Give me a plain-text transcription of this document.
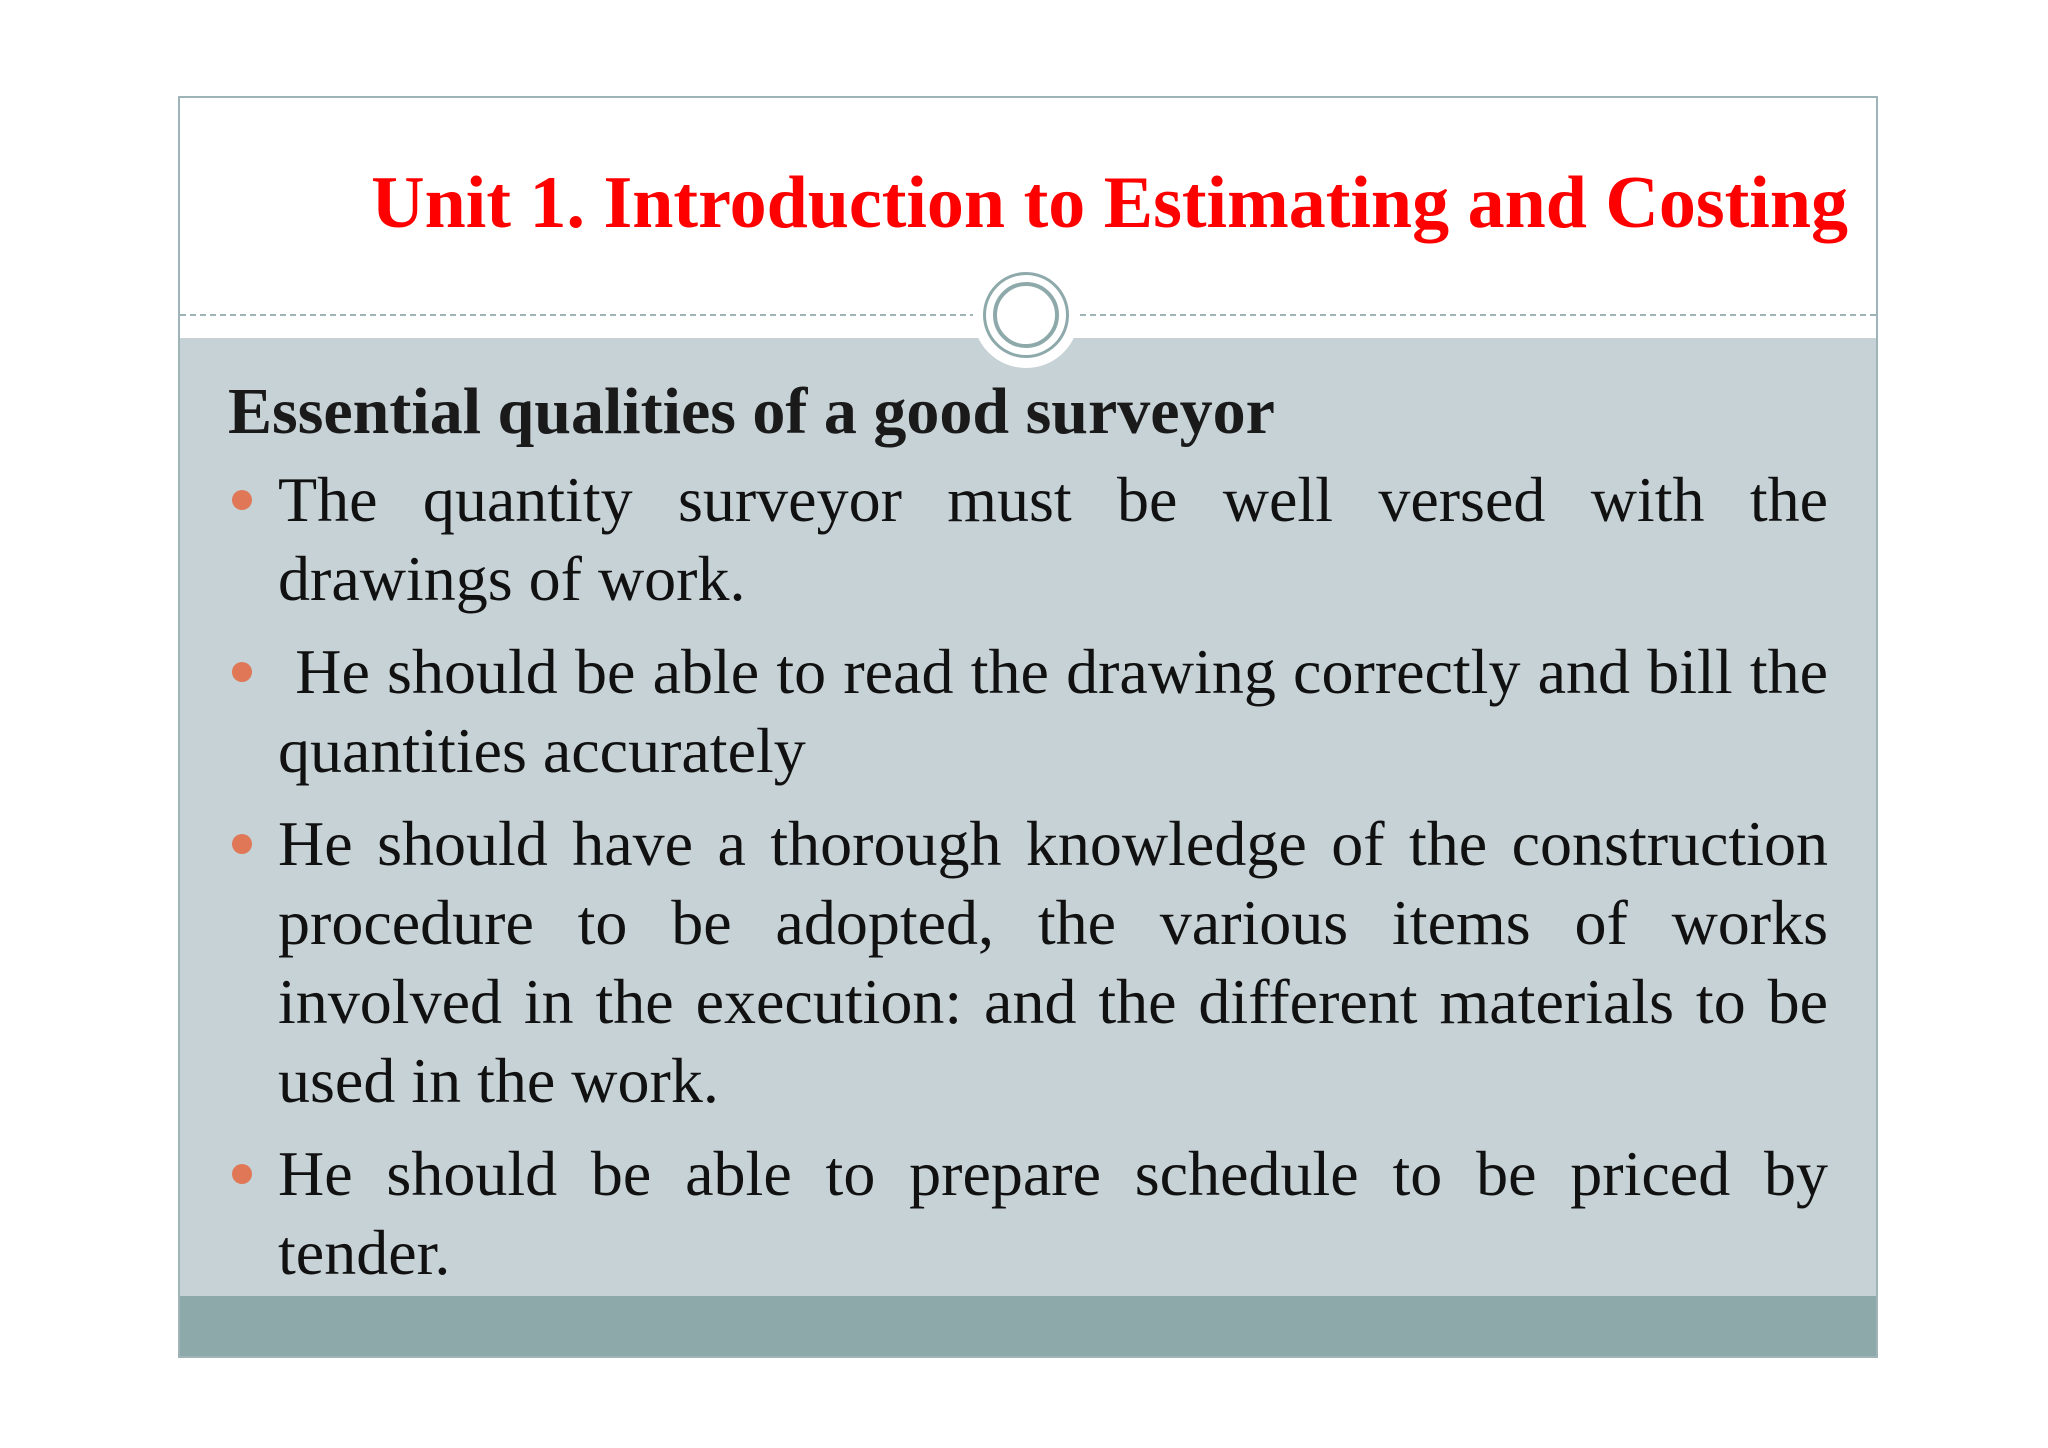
Unit 1. Introduction to Estimating and Costing
Essential qualities of a good surveyor
The quantity surveyor must be well versed with the drawings of work.
He should be able to read the drawing correctly and bill the quantities accurately
He should have a thorough knowledge of the construction procedure to be adopted, the various items of works involved in the execution: and the different materials to be used in the work.
He should be able to prepare schedule to be priced by tender.
